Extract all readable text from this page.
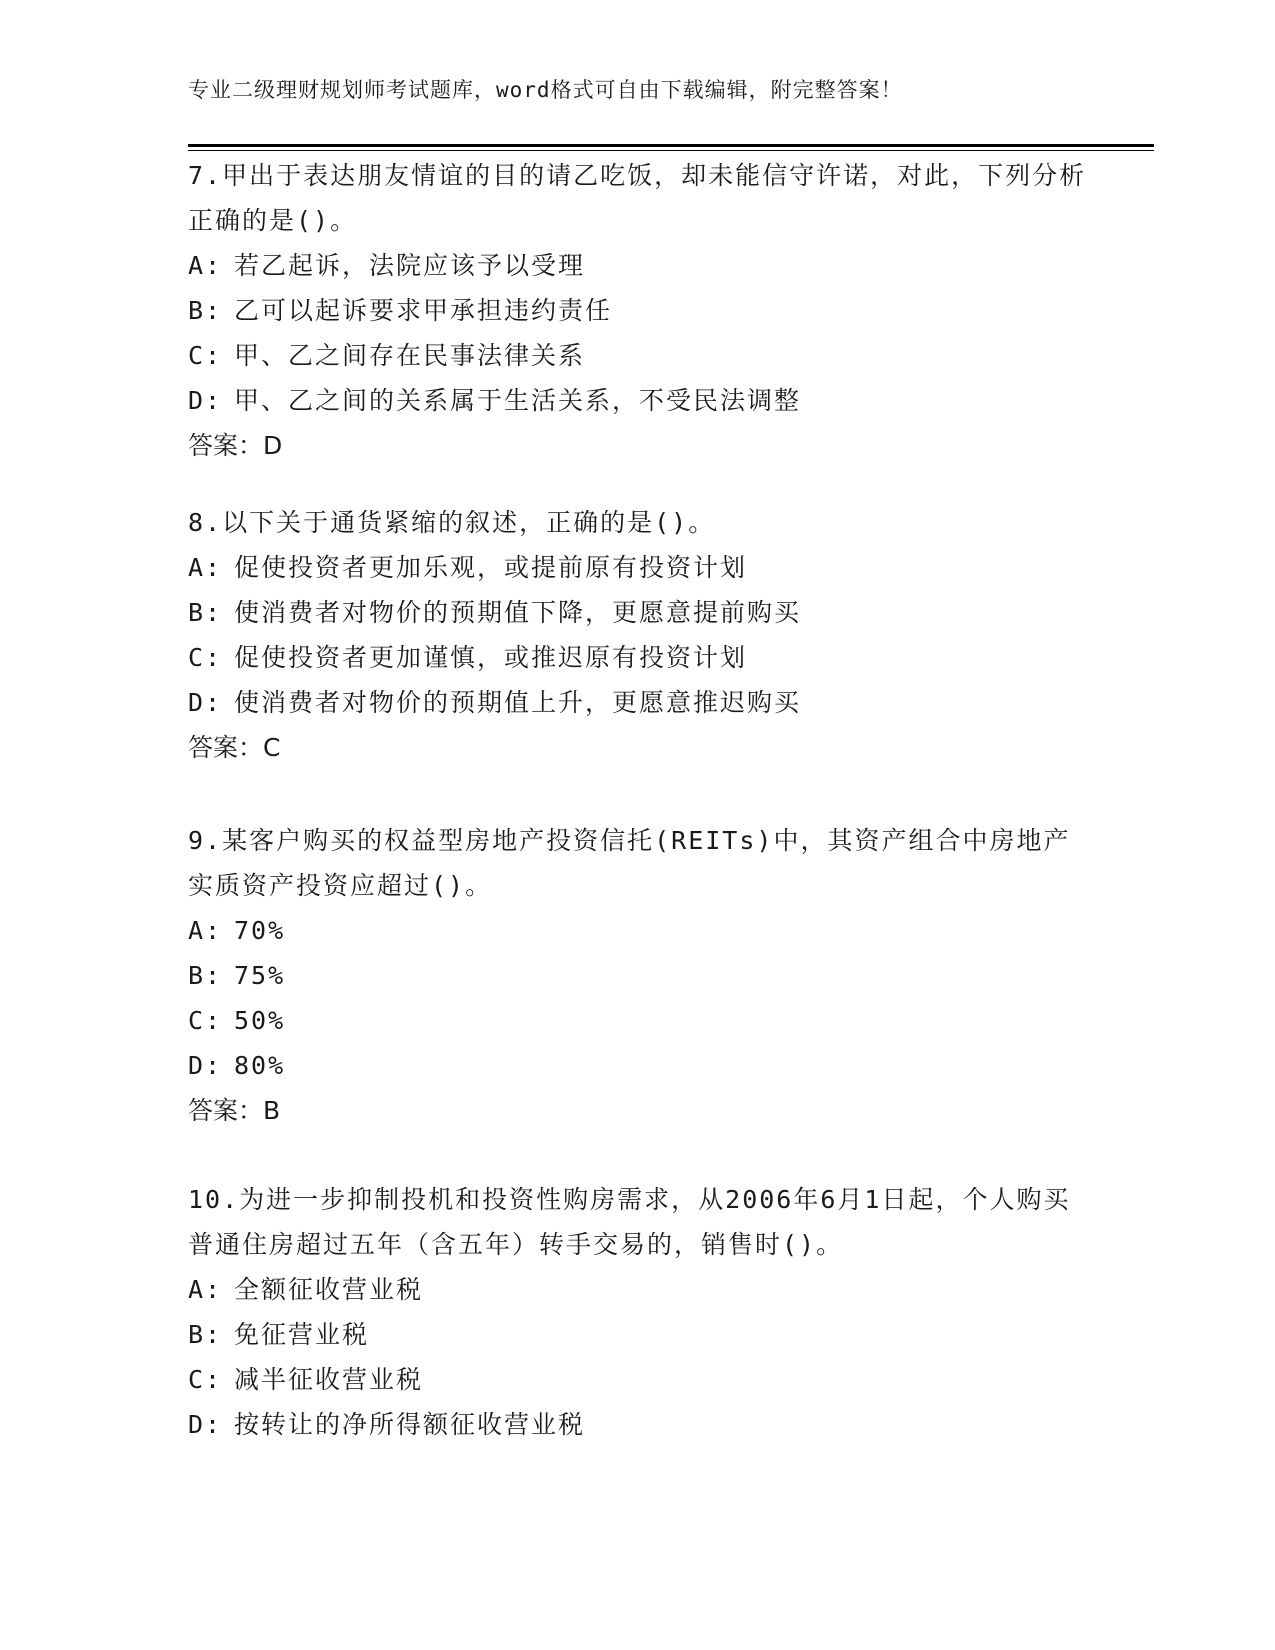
专业二级理财规划师考试题库，word格式可自由下载编辑，附完整答案！

7.甲出于表达朋友情谊的目的请乙吃饭，却未能信守许诺，对此，下列分析正确的是()。

A: 若乙起诉，法院应该予以受理
B: 乙可以起诉要求甲承担违约责任
C: 甲、乙之间存在民事法律关系
D: 甲、乙之间的关系属于生活关系，不受民法调整
答案：D

8.以下关于通货紧缩的叙述，正确的是()。

A: 促使投资者更加乐观，或提前原有投资计划
B: 使消费者对物价的预期值下降，更愿意提前购买
C: 促使投资者更加谨慎，或推迟原有投资计划
D: 使消费者对物价的预期值上升，更愿意推迟购买
答案：C

9.某客户购买的权益型房地产投资信托(REITs)中，其资产组合中房地产实质资产投资应超过()。

A: 70%
B: 75%
C: 50%
D: 80%
答案：B

10.为进一步抑制投机和投资性购房需求，从2006年6月1日起，个人购买普通住房超过五年（含五年）转手交易的，销售时()。

A: 全额征收营业税
B: 免征营业税
C: 减半征收营业税
D: 按转让的净所得额征收营业税
